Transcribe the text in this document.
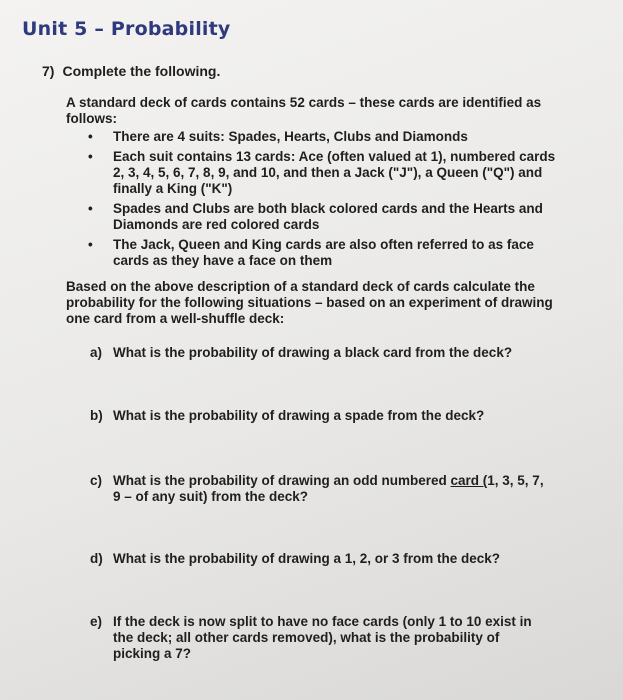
Unit 5 – Probability
7) Complete the following.
A standard deck of cards contains 52 cards – these cards are identified as follows:
• There are 4 suits: Spades, Hearts, Clubs and Diamonds
• Each suit contains 13 cards: Ace (often valued at 1), numbered cards 2, 3, 4, 5, 6, 7, 8, 9, and 10, and then a Jack ("J"), a Queen ("Q") and finally a King ("K")
• Spades and Clubs are both black colored cards and the Hearts and Diamonds are red colored cards
• The Jack, Queen and King cards are also often referred to as face cards as they have a face on them
Based on the above description of a standard deck of cards calculate the probability for the following situations – based on an experiment of drawing one card from a well-shuffle deck:
a) What is the probability of drawing a black card from the deck?
b) What is the probability of drawing a spade from the deck?
c) What is the probability of drawing an odd numbered card (1, 3, 5, 7, 9 – of any suit) from the deck?
d) What is the probability of drawing a 1, 2, or 3 from the deck?
e) If the deck is now split to have no face cards (only 1 to 10 exist in the deck; all other cards removed), what is the probability of picking a 7?
